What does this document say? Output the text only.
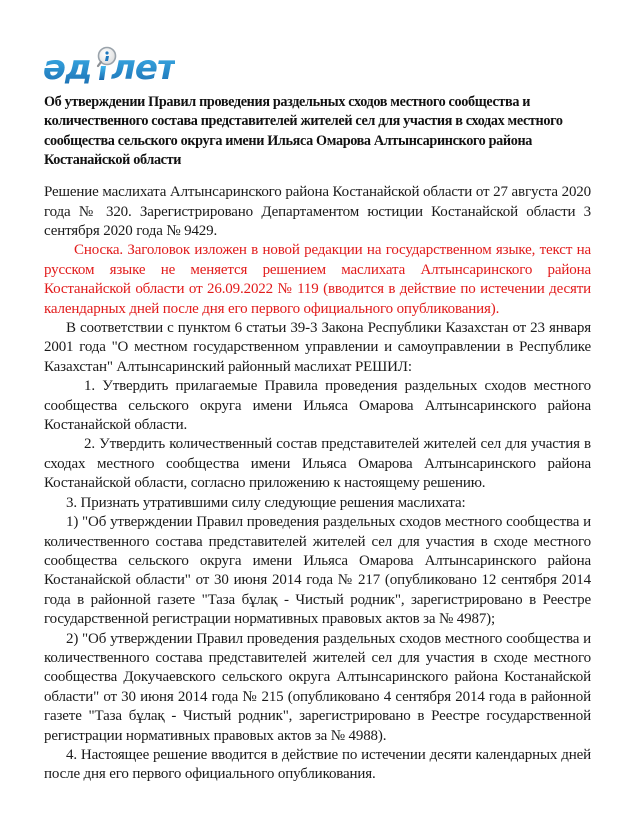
әд лет
Об утверждении Правил проведения раздельных сходов местного сообщества и количественного состава представителей жителей сел для участия в сходах местного сообщества сельского округа имени Ильяса Омарова Алтынсаринского района Костанайской области

Решение маслихата Алтынсаринского района Костанайской области от 27 августа 2020 года № 320. Зарегистрировано Департаментом юстиции Костанайской области 3 сентября 2020 года № 9429.

Сноска. Заголовок изложен в новой редакции на государственном языке, текст на русском языке не меняется решением маслихата Алтынсаринского района Костанайской области от 26.09.2022 № 119 (вводится в действие по истечении десяти календарных дней после дня его первого официального опубликования).

В соответствии с пунктом 6 статьи 39-3 Закона Республики Казахстан от 23 января 2001 года "О местном государственном управлении и самоуправлении в Республике Казахстан" Алтынсаринский районный маслихат РЕШИЛ:

1. Утвердить прилагаемые Правила проведения раздельных сходов местного сообщества сельского округа имени Ильяса Омарова Алтынсаринского района Костанайской области.

2. Утвердить количественный состав представителей жителей сел для участия в сходах местного сообщества имени Ильяса Омарова Алтынсаринского района Костанайской области, согласно приложению к настоящему решению.

3. Признать утратившими силу следующие решения маслихата:

1) "Об утверждении Правил проведения раздельных сходов местного сообщества и количественного состава представителей жителей сел для участия в сходе местного сообщества сельского округа имени Ильяса Омарова Алтынсаринского района Костанайской области" от 30 июня 2014 года № 217 (опубликовано 12 сентября 2014 года в районной газете "Таза бұлақ - Чистый родник", зарегистрировано в Реестре государственной регистрации нормативных правовых актов за № 4987);

2) "Об утверждении Правил проведения раздельных сходов местного сообщества и количественного состава представителей жителей сел для участия в сходе местного сообщества Докучаевского сельского округа Алтынсаринского района Костанайской области" от 30 июня 2014 года № 215 (опубликовано 4 сентября 2014 года в районной газете "Таза бұлақ - Чистый родник", зарегистрировано в Реестре государственной регистрации нормативных правовых актов за № 4988).

4. Настоящее решение вводится в действие по истечении десяти календарных дней после дня его первого официального опубликования.
